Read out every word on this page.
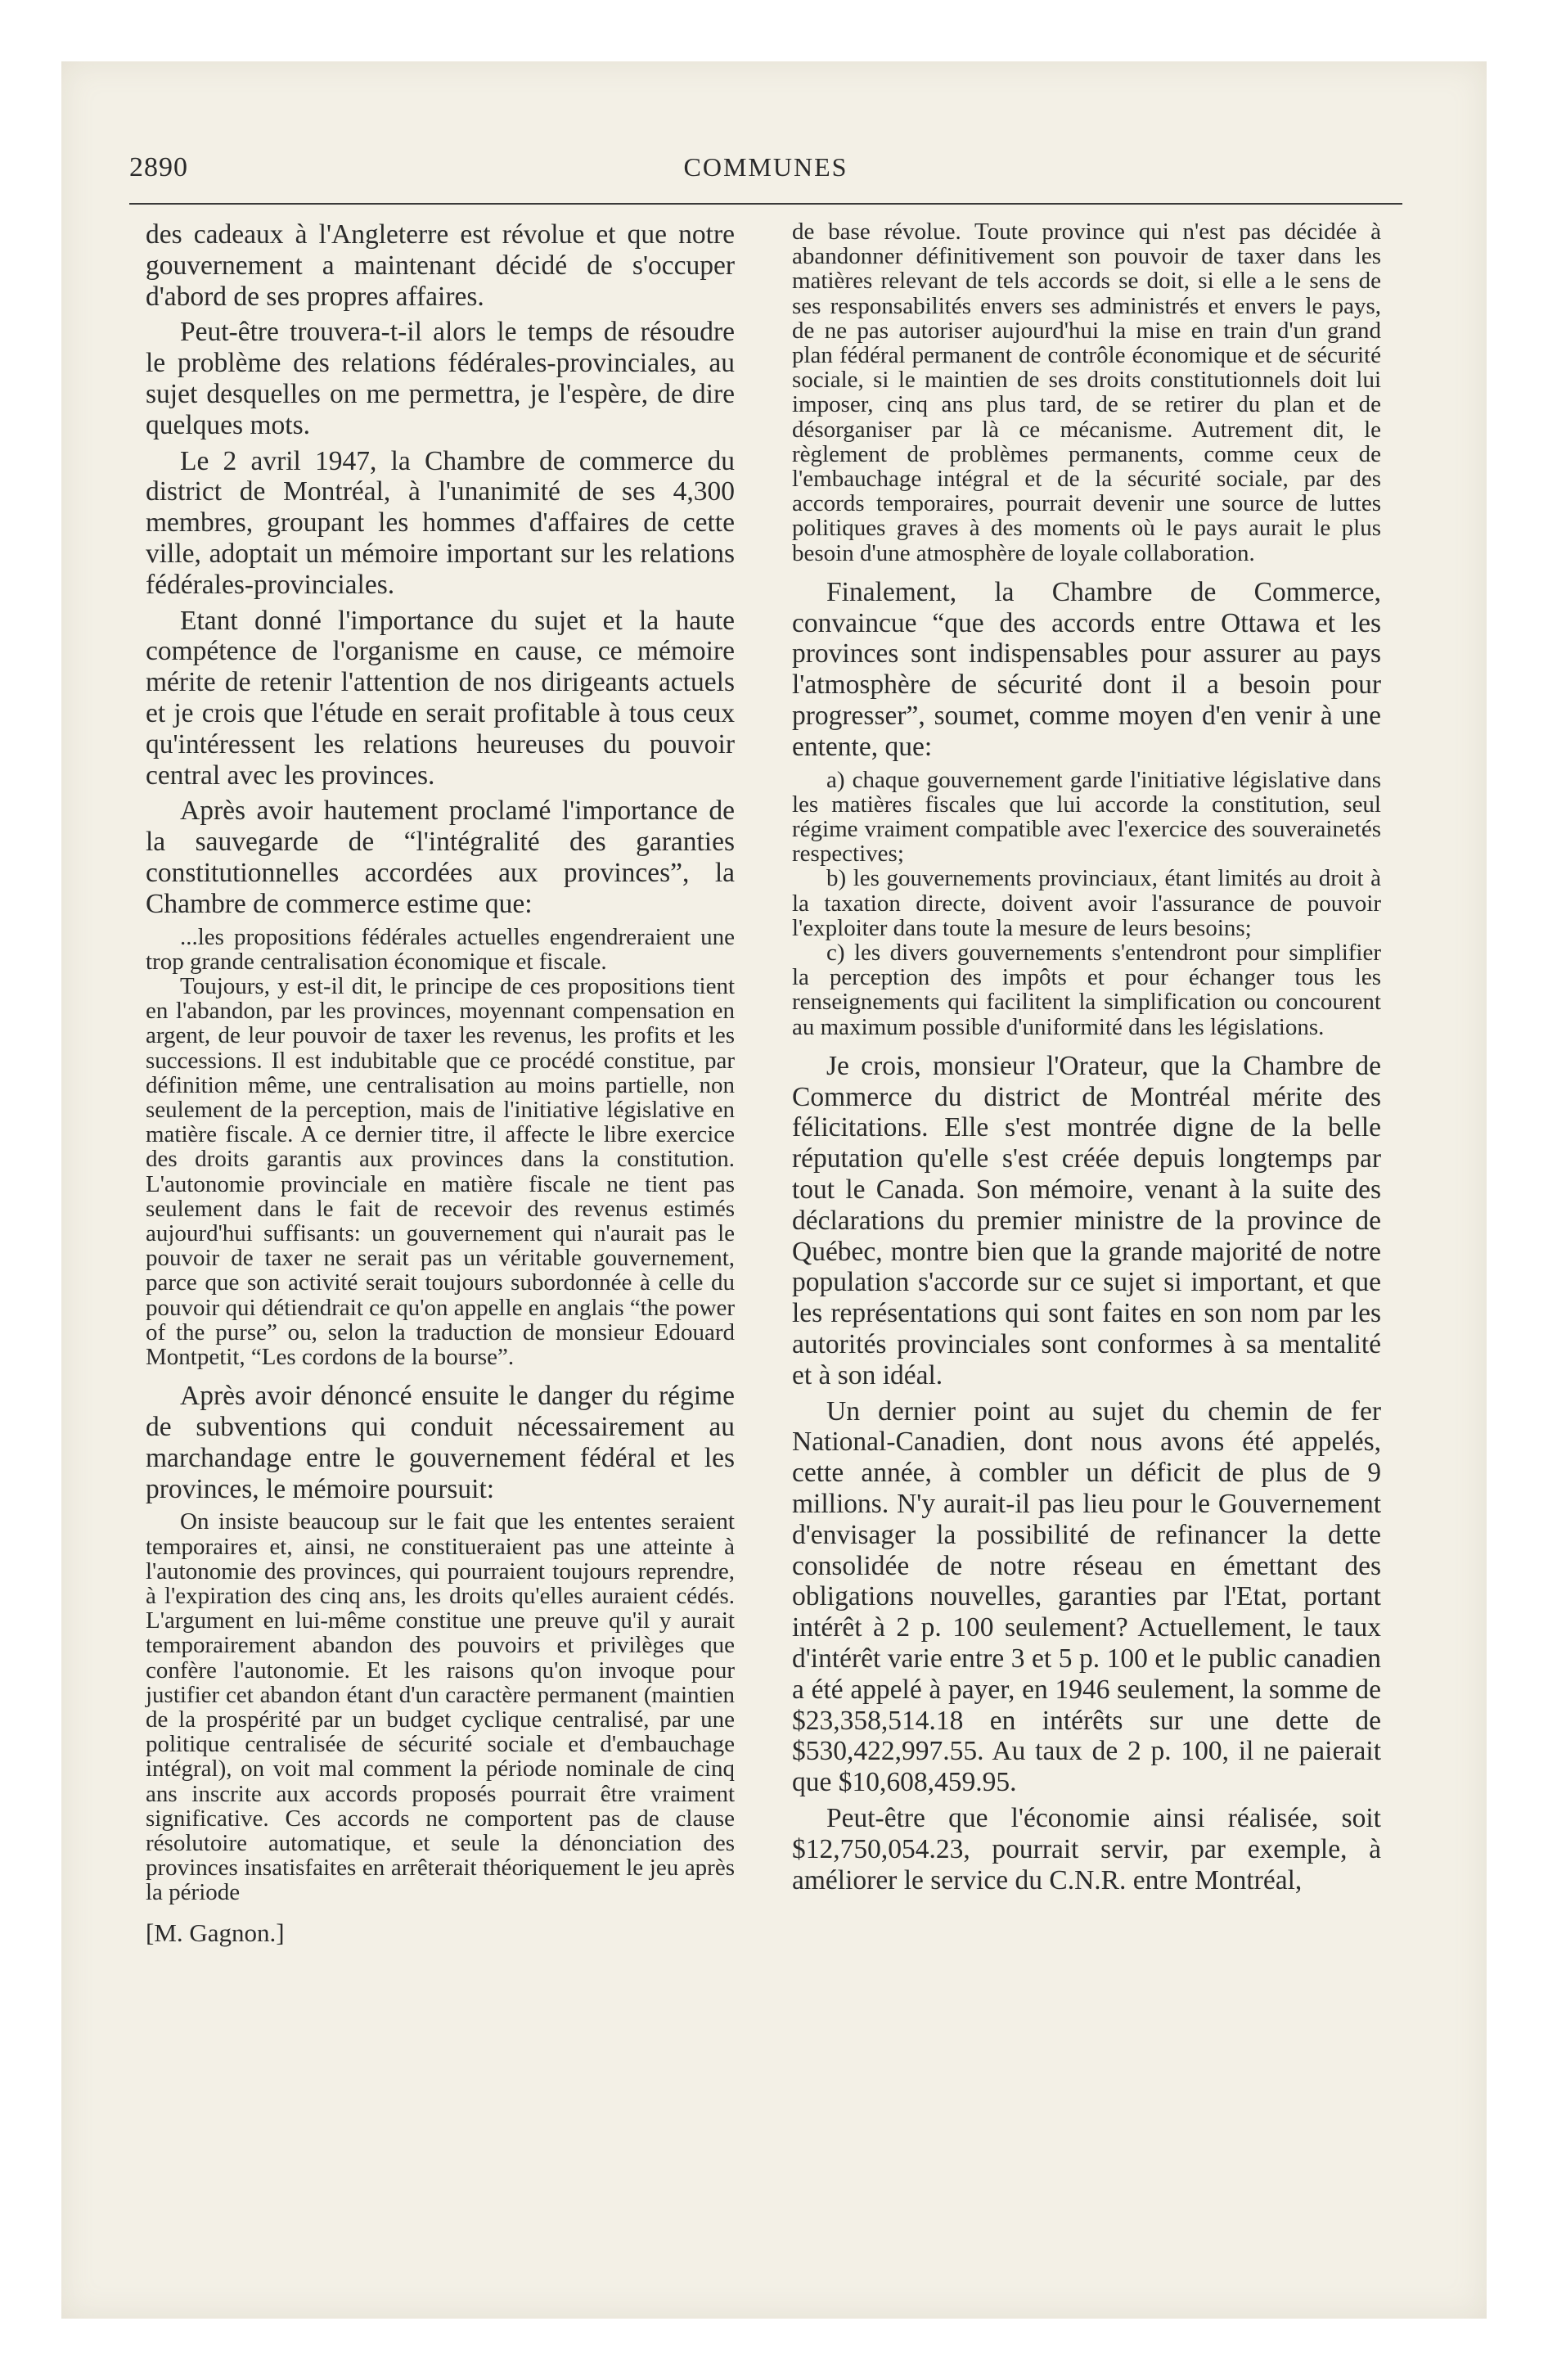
2890	COMMUNES

des cadeaux à l'Angleterre est révolue et que notre gouvernement a maintenant décidé de s'occuper d'abord de ses propres affaires.

Peut-être trouvera-t-il alors le temps de résoudre le problème des relations fédérales-provinciales, au sujet desquelles on me permettra, je l'espère, de dire quelques mots.

Le 2 avril 1947, la Chambre de commerce du district de Montréal, à l'unanimité de ses 4,300 membres, groupant les hommes d'affaires de cette ville, adoptait un mémoire important sur les relations fédérales-provinciales.

Etant donné l'importance du sujet et la haute compétence de l'organisme en cause, ce mémoire mérite de retenir l'attention de nos dirigeants actuels et je crois que l'étude en serait profitable à tous ceux qu'intéressent les relations heureuses du pouvoir central avec les provinces.

Après avoir hautement proclamé l'importance de la sauvegarde de “l'intégralité des garanties constitutionnelles accordées aux provinces”, la Chambre de commerce estime que:

...les propositions fédérales actuelles engendreraient une trop grande centralisation économique et fiscale.

Toujours, y est-il dit, le principe de ces propositions tient en l'abandon, par les provinces, moyennant compensation en argent, de leur pouvoir de taxer les revenus, les profits et les successions. Il est indubitable que ce procédé constitue, par définition même, une centralisation au moins partielle, non seulement de la perception, mais de l'initiative législative en matière fiscale. A ce dernier titre, il affecte le libre exercice des droits garantis aux provinces dans la constitution. L'autonomie provinciale en matière fiscale ne tient pas seulement dans le fait de recevoir des revenus estimés aujourd'hui suffisants: un gouvernement qui n'aurait pas le pouvoir de taxer ne serait pas un véritable gouvernement, parce que son activité serait toujours subordonnée à celle du pouvoir qui détiendrait ce qu'on appelle en anglais “the power of the purse” ou, selon la traduction de monsieur Edouard Montpetit, “Les cordons de la bourse”.

Après avoir dénoncé ensuite le danger du régime de subventions qui conduit nécessairement au marchandage entre le gouvernement fédéral et les provinces, le mémoire poursuit:

On insiste beaucoup sur le fait que les ententes seraient temporaires et, ainsi, ne constitueraient pas une atteinte à l'autonomie des provinces, qui pourraient toujours reprendre, à l'expiration des cinq ans, les droits qu'elles auraient cédés. L'argument en lui-même constitue une preuve qu'il y aurait temporairement abandon des pouvoirs et privilèges que confère l'autonomie. Et les raisons qu'on invoque pour justifier cet abandon étant d'un caractère permanent (maintien de la prospérité par un budget cyclique centralisé, par une politique centralisée de sécurité sociale et d'embauchage intégral), on voit mal comment la période nominale de cinq ans inscrite aux accords proposés pourrait être vraiment significative. Ces accords ne comportent pas de clause résolutoire automatique, et seule la dénonciation des provinces insatisfaites en arrêterait théoriquement le jeu après la période

[M. Gagnon.]

de base révolue. Toute province qui n'est pas décidée à abandonner définitivement son pouvoir de taxer dans les matières relevant de tels accords se doit, si elle a le sens de ses responsabilités envers ses administrés et envers le pays, de ne pas autoriser aujourd'hui la mise en train d'un grand plan fédéral permanent de contrôle économique et de sécurité sociale, si le maintien de ses droits constitutionnels doit lui imposer, cinq ans plus tard, de se retirer du plan et de désorganiser par là ce mécanisme. Autrement dit, le règlement de problèmes permanents, comme ceux de l'embauchage intégral et de la sécurité sociale, par des accords temporaires, pourrait devenir une source de luttes politiques graves à des moments où le pays aurait le plus besoin d'une atmosphère de loyale collaboration.

Finalement, la Chambre de Commerce, convaincue “que des accords entre Ottawa et les provinces sont indispensables pour assurer au pays l'atmosphère de sécurité dont il a besoin pour progresser”, soumet, comme moyen d'en venir à une entente, que:

a) chaque gouvernement garde l'initiative législative dans les matières fiscales que lui accorde la constitution, seul régime vraiment compatible avec l'exercice des souverainetés respectives;

b) les gouvernements provinciaux, étant limités au droit à la taxation directe, doivent avoir l'assurance de pouvoir l'exploiter dans toute la mesure de leurs besoins;

c) les divers gouvernements s'entendront pour simplifier la perception des impôts et pour échanger tous les renseignements qui facilitent la simplification ou concourent au maximum possible d'uniformité dans les législations.

Je crois, monsieur l'Orateur, que la Chambre de Commerce du district de Montréal mérite des félicitations. Elle s'est montrée digne de la belle réputation qu'elle s'est créée depuis longtemps par tout le Canada. Son mémoire, venant à la suite des déclarations du premier ministre de la province de Québec, montre bien que la grande majorité de notre population s'accorde sur ce sujet si important, et que les représentations qui sont faites en son nom par les autorités provinciales sont conformes à sa mentalité et à son idéal.

Un dernier point au sujet du chemin de fer National-Canadien, dont nous avons été appelés, cette année, à combler un déficit de plus de 9 millions. N'y aurait-il pas lieu pour le Gouvernement d'envisager la possibilité de refinancer la dette consolidée de notre réseau en émettant des obligations nouvelles, garanties par l'Etat, portant intérêt à 2 p. 100 seulement? Actuellement, le taux d'intérêt varie entre 3 et 5 p. 100 et le public canadien a été appelé à payer, en 1946 seulement, la somme de $23,358,514.18 en intérêts sur une dette de $530,422,997.55. Au taux de 2 p. 100, il ne paierait que $10,608,459.95.

Peut-être que l'économie ainsi réalisée, soit $12,750,054.23, pourrait servir, par exemple, à améliorer le service du C.N.R. entre Montréal,
